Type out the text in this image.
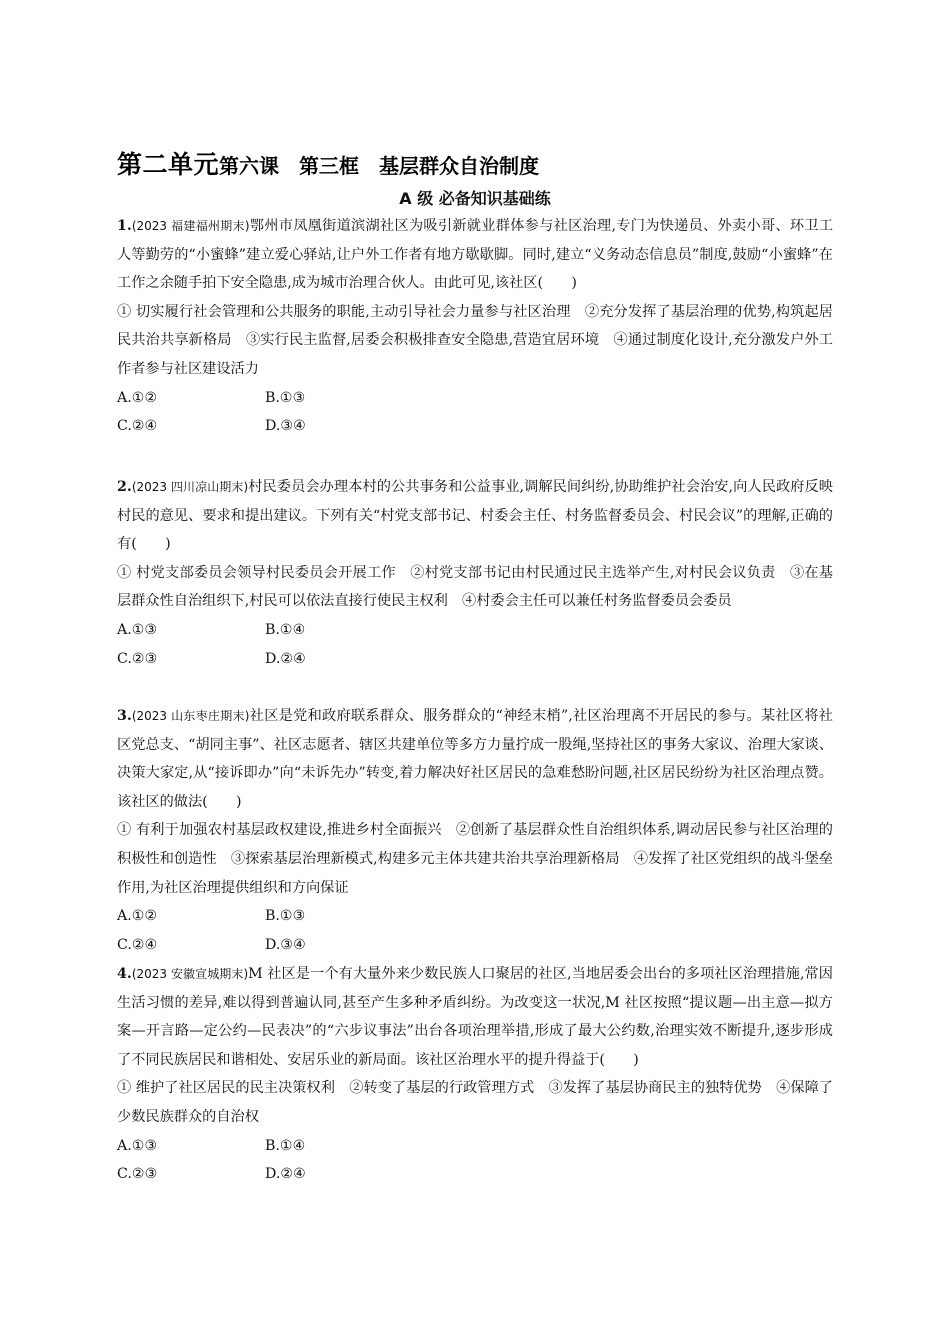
第二单元第六课　第三框　基层群众自治制度
A 级 必备知识基础练

1.(2023 福建福州期末)鄂州市凤凰街道滨湖社区为吸引新就业群体参与社区治理,专门为快递员、外卖小哥、环卫工人等勤劳的“小蜜蜂”建立爱心驿站,让户外工作者有地方歇歇脚。同时,建立“义务动态信息员”制度,鼓励“小蜜蜂”在工作之余随手拍下安全隐患,成为城市治理合伙人。由此可见,该社区(　　)

① 切实履行社会管理和公共服务的职能,主动引导社会力量参与社区治理　②充分发挥了基层治理的优势,构筑起居民共治共享新格局　③实行民主监督,居委会积极排查安全隐患,营造宜居环境　④通过制度化设计,充分激发户外工作者参与社区建设活力

A.①②	B.①③
C.②④	D.③④

2.(2023 四川凉山期末)村民委员会办理本村的公共事务和公益事业,调解民间纠纷,协助维护社会治安,向人民政府反映村民的意见、要求和提出建议。下列有关“村党支部书记、村委会主任、村务监督委员会、村民会议”的理解,正确的有(　　)

① 村党支部委员会领导村民委员会开展工作　②村党支部书记由村民通过民主选举产生,对村民会议负责　③在基层群众性自治组织下,村民可以依法直接行使民主权利　④村委会主任可以兼任村务监督委员会委员

A.①③	B.①④
C.②③	D.②④

3.(2023 山东枣庄期末)社区是党和政府联系群众、服务群众的“神经末梢”,社区治理离不开居民的参与。某社区将社区党总支、“胡同主事”、社区志愿者、辖区共建单位等多方力量拧成一股绳,坚持社区的事务大家议、治理大家谈、决策大家定,从“接诉即办”向“未诉先办”转变,着力解决好社区居民的急难愁盼问题,社区居民纷纷为社区治理点赞。该社区的做法(　　)

① 有利于加强农村基层政权建设,推进乡村全面振兴　②创新了基层群众性自治组织体系,调动居民参与社区治理的积极性和创造性　③探索基层治理新模式,构建多元主体共建共治共享治理新格局　④发挥了社区党组织的战斗堡垒作用,为社区治理提供组织和方向保证

A.①②	B.①③
C.②④	D.③④

4.(2023 安徽宣城期末)M 社区是一个有大量外来少数民族人口聚居的社区,当地居委会出台的多项社区治理措施,常因生活习惯的差异,难以得到普遍认同,甚至产生多种矛盾纠纷。为改变这一状况,M 社区按照“提议题—出主意—拟方案—开言路—定公约—民表决”的“六步议事法”出台各项治理举措,形成了最大公约数,治理实效不断提升,逐步形成了不同民族居民和谐相处、安居乐业的新局面。该社区治理水平的提升得益于(　　)

① 维护了社区居民的民主决策权利　②转变了基层的行政管理方式　③发挥了基层协商民主的独特优势　④保障了少数民族群众的自治权

A.①③	B.①④
C.②③	D.②④
